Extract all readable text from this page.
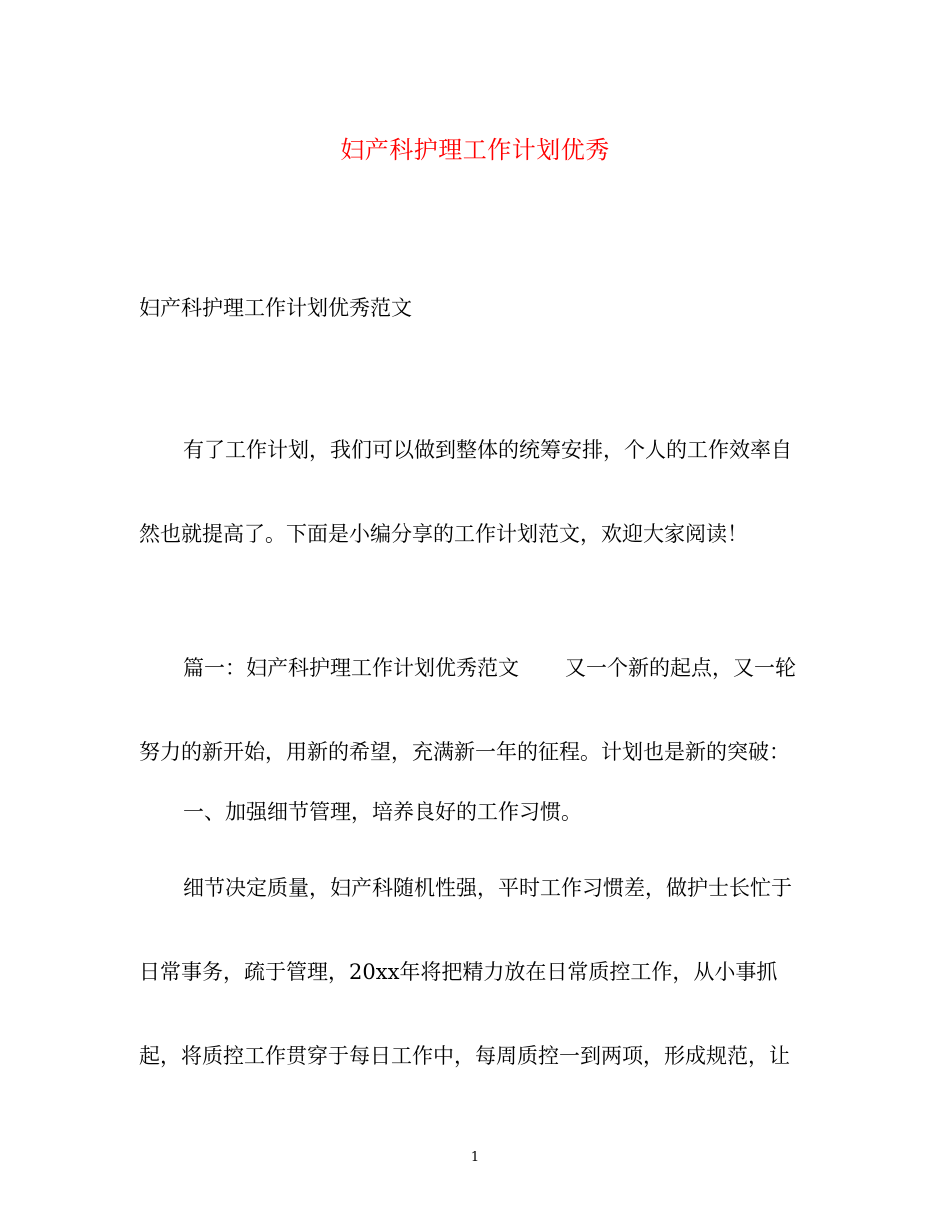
妇产科护理工作计划优秀
妇产科护理工作计划优秀范文
有了工作计划，我们可以做到整体的统筹安排，个人的工作效率自
然也就提高了。下面是小编分享的工作计划范文，欢迎大家阅读！
篇一：妇产科护理工作计划优秀范文 又一个新的起点，又一轮
努力的新开始，用新的希望，充满新一年的征程。计划也是新的突破：
一、加强细节管理，培养良好的工作习惯。
细节决定质量，妇产科随机性强，平时工作习惯差，做护士长忙于
日常事务，疏于管理，20xx年将把精力放在日常质控工作，从小事抓
起，将质控工作贯穿于每日工作中，每周质控一到两项，形成规范，让
1
